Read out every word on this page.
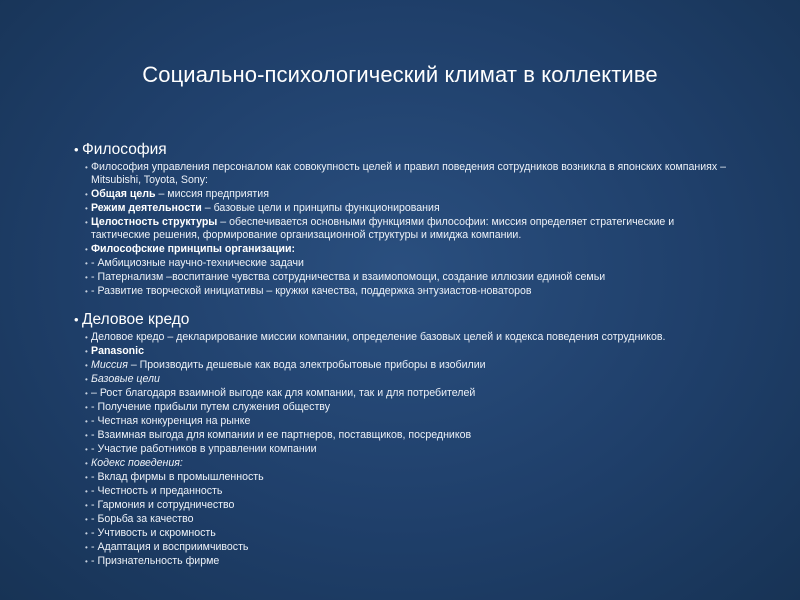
Социально-психологический климат в коллективе
• Философия
• Философия управления персоналом как совокупность целей и правил поведения сотрудников возникла в японских компаниях – Mitsubishi, Toyota, Sony:
• Общая цель – миссия предприятия
• Режим деятельности – базовые цели и принципы функционирования
• Целостность структуры – обеспечивается основными функциями философии: миссия определяет стратегические и тактические решения, формирование организационной структуры и имиджа компании.
• Философские принципы организации:
• - Амбициозные научно-технические задачи
• - Патернализм –воспитание чувства сотрудничества и взаимопомощи, создание иллюзии единой семьи
• - Развитие творческой инициативы – кружки качества, поддержка энтузиастов-новаторов
• Деловое кредо
• Деловое кредо – декларирование миссии компании, определение базовых целей и кодекса поведения сотрудников.
• Panasonic
• Миссия – Производить дешевые как вода электробытовые приборы в изобилии
• Базовые цели
• – Рост благодаря взаимной выгоде как для компании, так и для потребителей
• - Получение прибыли путем служения обществу
• - Честная конкуренция на рынке
• - Взаимная выгода для компании и ее партнеров, поставщиков, посредников
• - Участие работников в управлении компании
• Кодекс поведения:
• - Вклад фирмы в промышленность
• - Честность и преданность
• - Гармония и сотрудничество
• - Борьба за качество
• - Учтивость и скромность
• - Адаптация и восприимчивость
• - Признательность фирме
